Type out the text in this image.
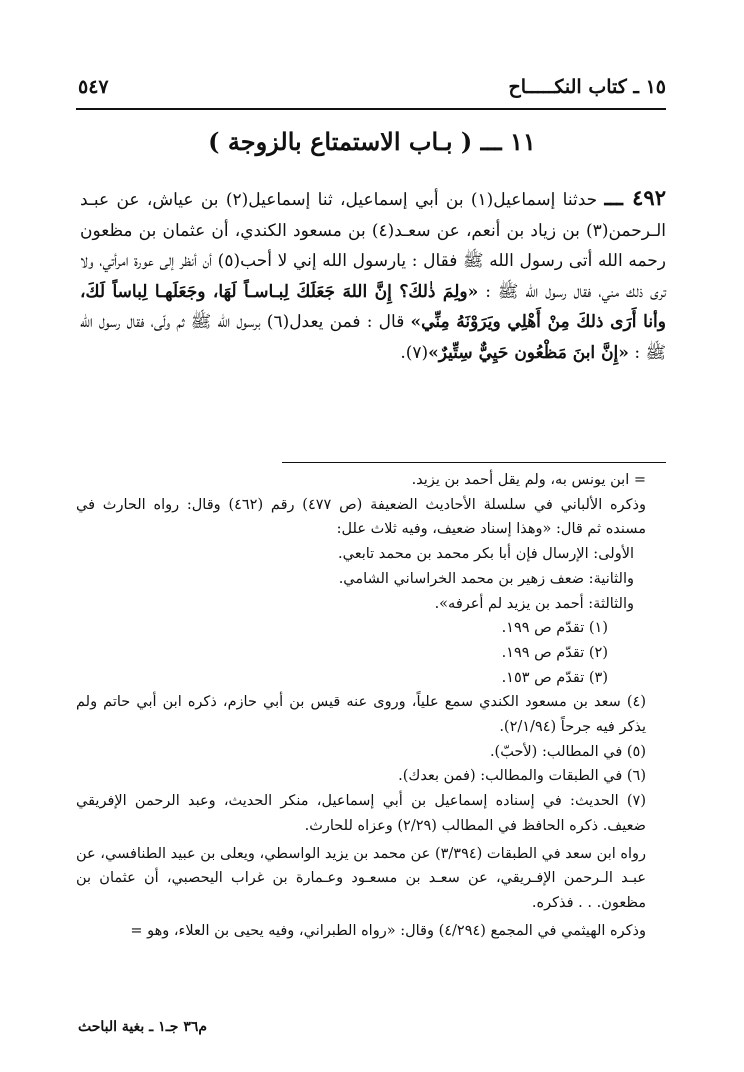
١٥ ـ كتاب النكـــــاح
٥٤٧
١١ ـــ ( بـاب الاستمتاع بالزوجة )

٤٩٢ ـــ حدثنا إسماعيل(١) بن أبي إسماعيل، ثنا إسماعيل(٢) بن عياش، عن عبـد الـرحمن(٣) بن زياد بن أنعم، عن سعـد(٤) بن مسعود الكندي، أن عثمان بن مظعون رحمه الله أتى رسول الله ﷺ فقال : يارسول الله إني لا أحب(٥) أن أنظر إلى عورة امرأتي، ولا ترى ذلك مني، فقال رسول الله ﷺ : «ولِمَ ذٰلكَ؟ إِنَّ اللهَ جَعَلَكَ لِبـاسـاً لَهَا، وجَعَلَهـا لِباساً لَكَ، وأنا أَرَى ذلكَ مِنْ أَهْلِي ويَرَوْنَهُ مِنِّي» قال : فمن يعدل(٦) برسول الله ﷺ ثم ولّى، فقال رسول الله ﷺ : «إِنَّ ابنَ مَظْعُون حَيِيٌّ سِتِّيرٌ»(٧).

= ابن يونس به، ولم يقل أحمد بن يزيد.

وذكره الألباني في سلسلة الأحاديث الضعيفة (ص ٤٧٧) رقم (٤٦٢) وقال: رواه الحارث في مسنده ثم قال: «وهذا إسناد ضعيف، وفيه ثلاث علل:

الأولى: الإرسال فإن أبا بكر محمد بن محمد تابعي.

والثانية: ضعف زهير بن محمد الخراساني الشامي.

والثالثة: أحمد بن يزيد لم أعرفه».

(١) تقدّم ص ١٩٩.

(٢) تقدّم ص ١٩٩.

(٣) تقدّم ص ١٥٣.

(٤) سعد بن مسعود الكندي سمع علياً، وروى عنه قيس بن أبي حازم، ذكره ابن أبي حاتم ولم يذكر فيه جرحاً (٢/١/٩٤).

(٥) في المطالب: (لأحبّ).

(٦) في الطبقات والمطالب: (فمن بعدك).

(٧) الحديث: في إسناده إسماعيل بن أبي إسماعيل، منكر الحديث، وعبد الرحمن الإفريقي ضعيف. ذكره الحافظ في المطالب (٢/٢٩) وعزاه للحارث.

رواه ابن سعد في الطبقات (٣/٣٩٤) عن محمد بن يزيد الواسطي، ويعلى بن عبيد الطنافسي، عن عبـد الـرحمن الإفـريقي، عن سعـد بن مسعـود وعـمارة بن غراب اليحصبي، أن عثمان بن مظعون. . . فذكره.

وذكره الهيثمي في المجمع (٤/٢٩٤) وقال: «رواه الطبراني، وفيه يحيى بن العلاء، وهو =

م٣٦ جـ١ ـ بغية الباحث
